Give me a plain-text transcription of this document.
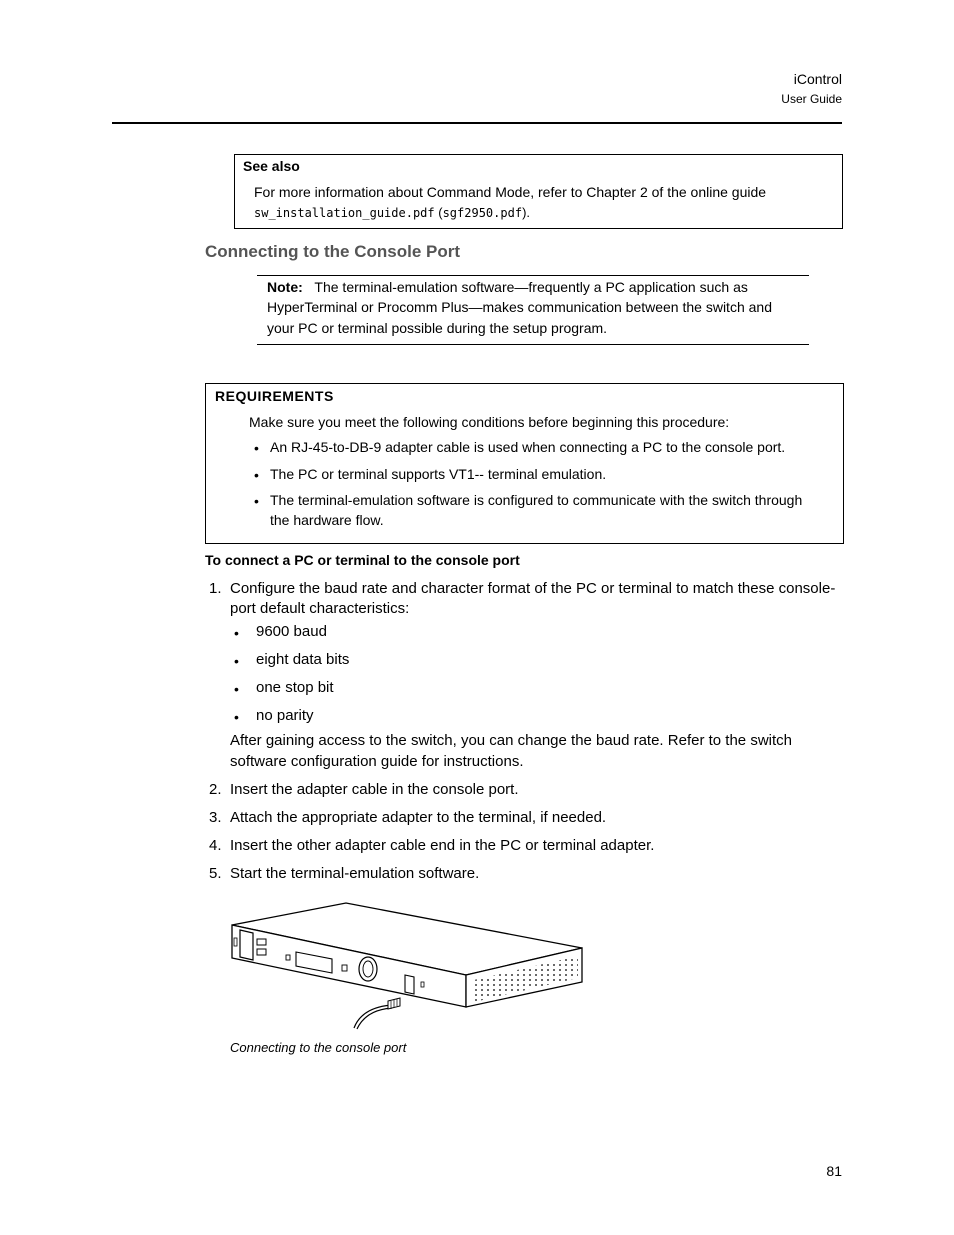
iControl
User Guide
See also
For more information about Command Mode, refer to Chapter 2 of the online guide
sw_installation_guide.pdf (sgf2950.pdf).
Connecting to the Console Port
Note: The terminal-emulation software—frequently a PC application such as
HyperTerminal or Procomm Plus—makes communication between the switch and
your PC or terminal possible during the setup program.
REQUIREMENTS
Make sure you meet the following conditions before beginning this procedure:
• An RJ-45-to-DB-9 adapter cable is used when connecting a PC to the console port.
• The PC or terminal supports VT1-- terminal emulation.
• The terminal-emulation software is configured to communicate with the switch through
the hardware flow.
To connect a PC or terminal to the console port
1. Configure the baud rate and character format of the PC or terminal to match these console-
port default characteristics:
• 9600 baud
• eight data bits
• one stop bit
• no parity
After gaining access to the switch, you can change the baud rate. Refer to the switch
software configuration guide for instructions.
2. Insert the adapter cable in the console port.
3. Attach the appropriate adapter to the terminal, if needed.
4. Insert the other adapter cable end in the PC or terminal adapter.
5. Start the terminal-emulation software.
Connecting to the console port
81
